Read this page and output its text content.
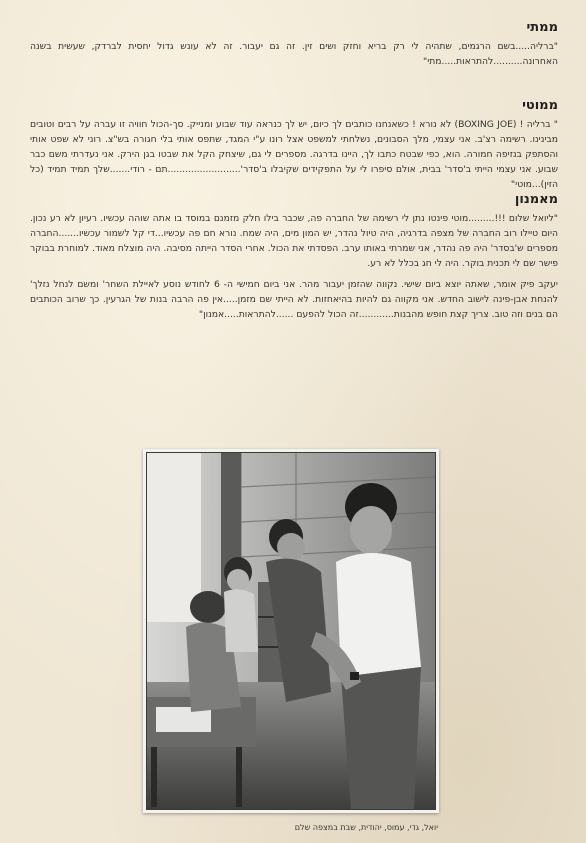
ממתי

"ברליה.....בשם הרגמים, שתהיה לי רק בריא וחזק ושים זין. זה גם יעבור. זה לא עונש גדול יחסית לברדק, שעשית בשנה האחרונה..........להתראות.....מתי"

ממוטי

" ברליה ! (BOXING JOE) לא נורא ! כשאנחנו כותבים לך כיום, יש לך כנראה עוד שבוע ומנייק. סך-הכול חוויה זו עברה על רבים וטובים מבינינו. רשימה רצ'ב. אני עצמי, מלך הסבונים, נשלחתי למשפט אצל רונו ע"י המגד, שתפס אותי בלי חגורה בש"צ. רוני לא שפט אותי והסתפק בנזיפה חמורה. הוא, כפי שבטח כתבו לך, היינו בדרגה. מספרים לי גם, שיצחק הקל את שבטו בגן הירק. אני נעדרתי משם כבר שבוע. אני עצמי הייתי ב'סדר' בבית, אולם סיפרו לי על התפקידים שקיבלו ב'סדר'.........................תם - רודי.......שלך תמיד תמיד (כל הזין)...מוטי"

מאמנון

"ליואל שלום !!!.........מוטי פינטו נתן לי רשימה של החברה פה, שכבר בילו חלק מזמנם במוסד בו אתה שוהה עכשיו. רעיון לא רע נכון. היום טיילו רוב החברה של מצפה בדרגיה, היה טיול נהדר, יש המון מים, היה שמח. נורא חם פה עכשיו...די קל לשמור עכשיו.......החברה מספרים ש'בסדר' היה פה נהדר, אני שמרתי באותו ערב. הפסדתי את הכול. אחרי הסדר הייתה מסיבה. היה מוצלח מאוד. למוחרת בבוקר פישר שם לי תכנית בוקר. היה לי חג בכלל לא רע.

יעקב פיק אומר, שאתה יוצא ביום שישי. נקווה שהזמן יעבור מהר. אני ביום חמישי ה- 6 לחודש נוסע לאיילת השחר' ומשם לנחל נזלך' להנחת אבן-פינה לישוב החדש. אני מקווה גם להיות בהיאחזות. לא הייתי שם מזמן.....אין פה הרבה בנות של הגרעין. כך שרוב הכותבים הם בנים וזה טוב. צריך קצת חופש מהבנות............זה הכול להפעם ......להתראות.....אמנון"

יואל, גדי, עמוס, יהודית, שבת במצפה שלם
